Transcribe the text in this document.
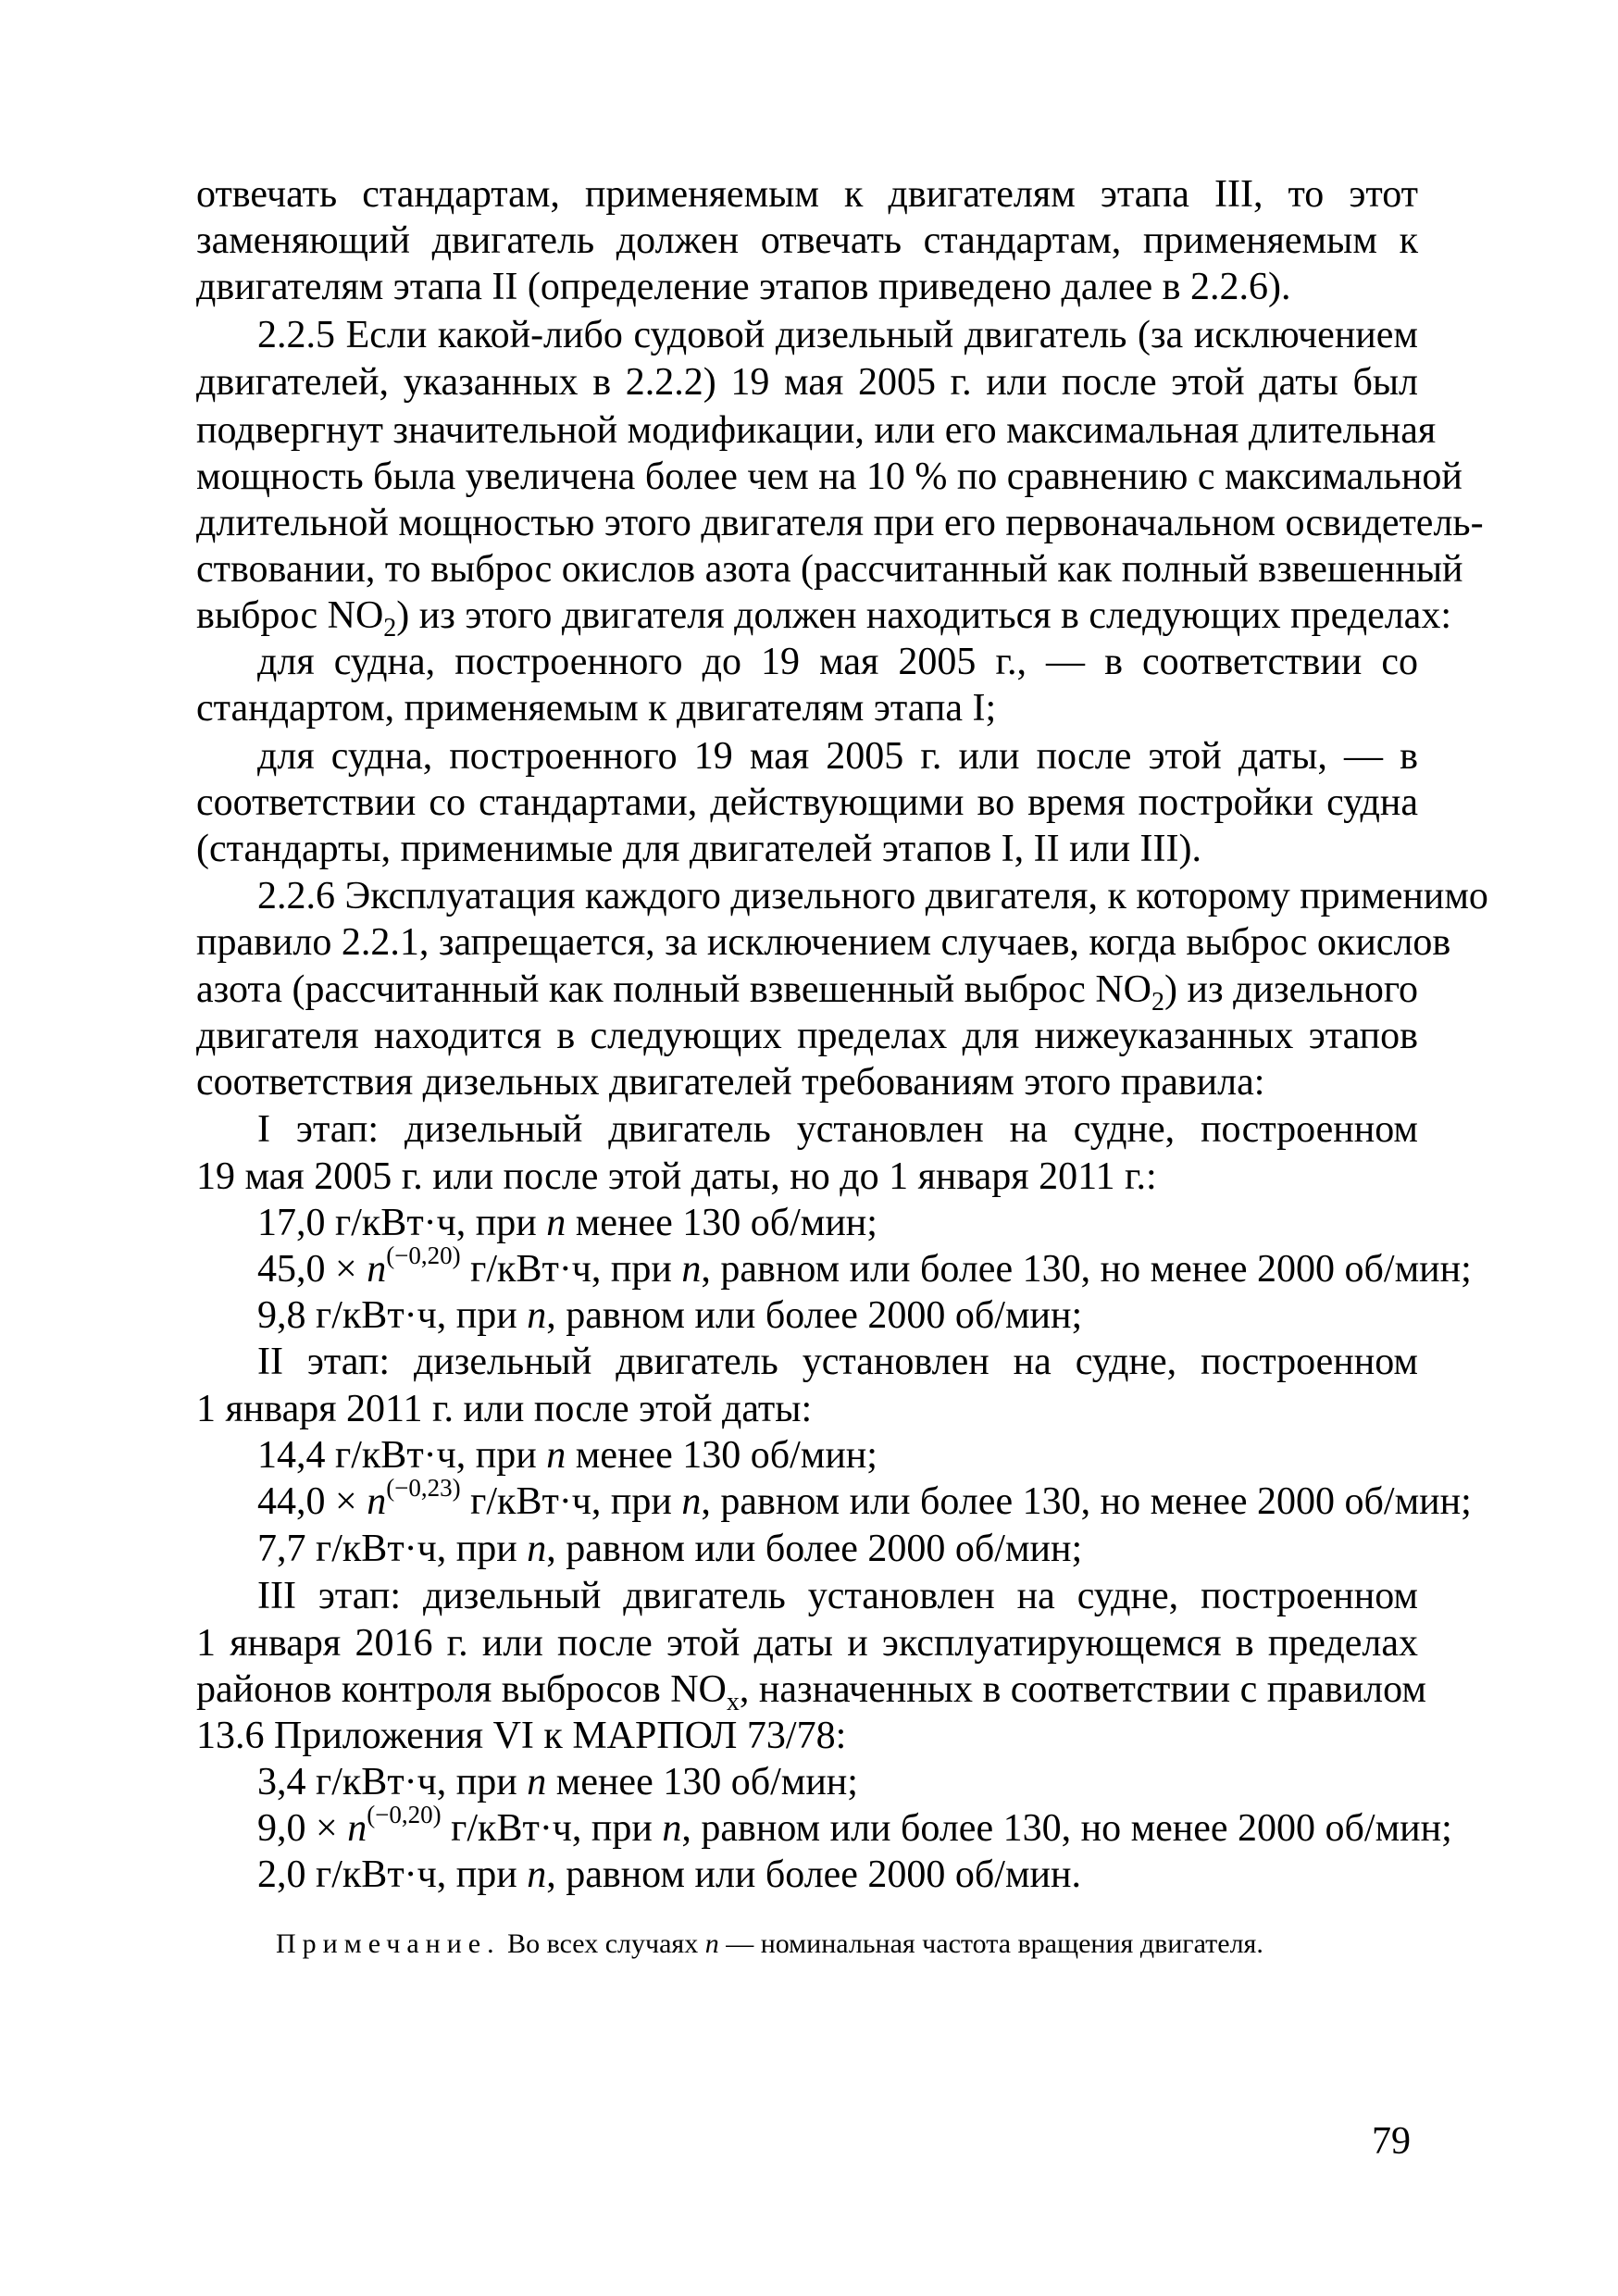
отвечать стандартам, применяемым к двигателям этапа III, то этот
заменяющий двигатель должен отвечать стандартам, применяемым к
двигателям этапа II (определение этапов приведено далее в 2.2.6).
2.2.5 Если какой-либо судовой дизельный двигатель (за исключением
двигателей, указанных в 2.2.2) 19 мая 2005 г. или после этой даты был
подвергнут значительной модификации, или его максимальная длительная
мощность была увеличена более чем на 10 % по сравнению с максимальной
длительной мощностью этого двигателя при его первоначальном освидетель-
ствовании, то выброс окислов азота (рассчитанный как полный взвешенный
выброс $NO_2$) из этого двигателя должен находиться в следующих пределах:
для судна, построенного до 19 мая 2005 г., — в соответствии со
стандартом, применяемым к двигателям этапа I;
для судна, построенного 19 мая 2005 г. или после этой даты, — в
соответствии со стандартами, действующими во время постройки судна
(стандарты, применимые для двигателей этапов I, II или III).
2.2.6 Эксплуатация каждого дизельного двигателя, к которому применимо
правило 2.2.1, запрещается, за исключением случаев, когда выброс окислов
азота (рассчитанный как полный взвешенный выброс $NO_2$) из дизельного
двигателя находится в следующих пределах для нижеуказанных этапов
соответствия дизельных двигателей требованиям этого правила:
I этап: дизельный двигатель установлен на судне, построенном
19 мая 2005 г. или после этой даты, но до 1 января 2011 г.:
17,0 г/кВт·ч, при n менее 130 об/мин;
$45,0 \times n^{(-0,20)}$ г/кВт·ч, при n, равном или более 130, но менее 2000 об/мин;
9,8 г/кВт·ч, при n, равном или более 2000 об/мин;
II этап: дизельный двигатель установлен на судне, построенном
1 января 2011 г. или после этой даты:
14,4 г/кВт·ч, при n менее 130 об/мин;
$44,0 \times n^{(-0,23)}$ г/кВт·ч, при n, равном или более 130, но менее 2000 об/мин;
7,7 г/кВт·ч, при n, равном или более 2000 об/мин;
III этап: дизельный двигатель установлен на судне, построенном
1 января 2016 г. или после этой даты и эксплуатирующемся в пределах
районов контроля выбросов $NO_x$, назначенных в соответствии с правилом
13.6 Приложения VI к МАРПОЛ 73/78:
3,4 г/кВт·ч, при n менее 130 об/мин;
$9,0 \times n^{(-0,20)}$ г/кВт·ч, при n, равном или более 130, но менее 2000 об/мин;
2,0 г/кВт·ч, при n, равном или более 2000 об/мин.
Примечание. Во всех случаях n — номинальная частота вращения двигателя.
79
